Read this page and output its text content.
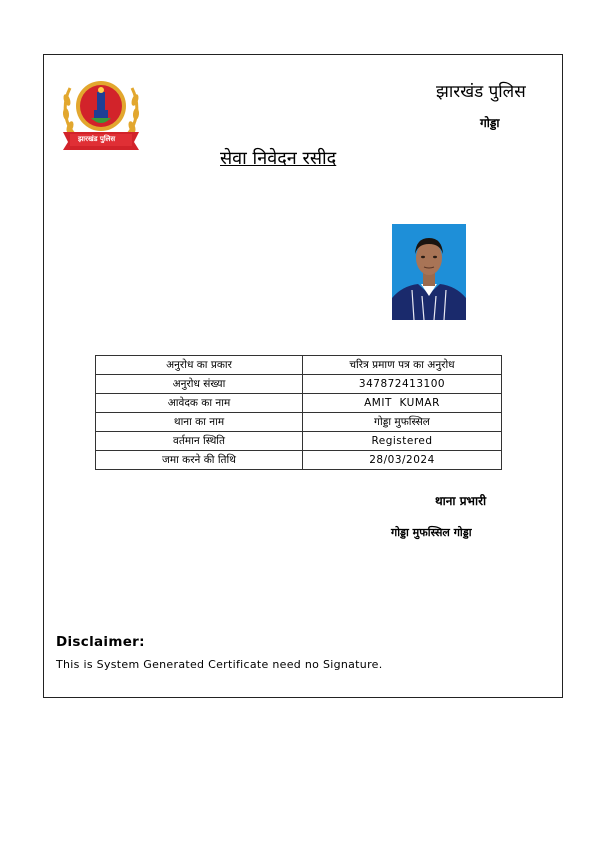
सेवा ही लक्ष्य
झारखंड पुलिस
झारखंड पुलिस
गोड्डा
सेवा निवेदन रसीद
अनुरोध का प्रकार	चरित्र प्रमाण पत्र का अनुरोध
अनुरोध संख्या	347872413100
आवेदक का नाम	AMIT  KUMAR
थाना का नाम	गोड्डा मुफस्सिल
वर्तमान स्थिति	Registered
जमा करने की तिथि	28/03/2024
थाना प्रभारी
गोड्डा मुफस्सिल गोड्डा
Disclaimer:
This is System Generated Certificate need no Signature.
